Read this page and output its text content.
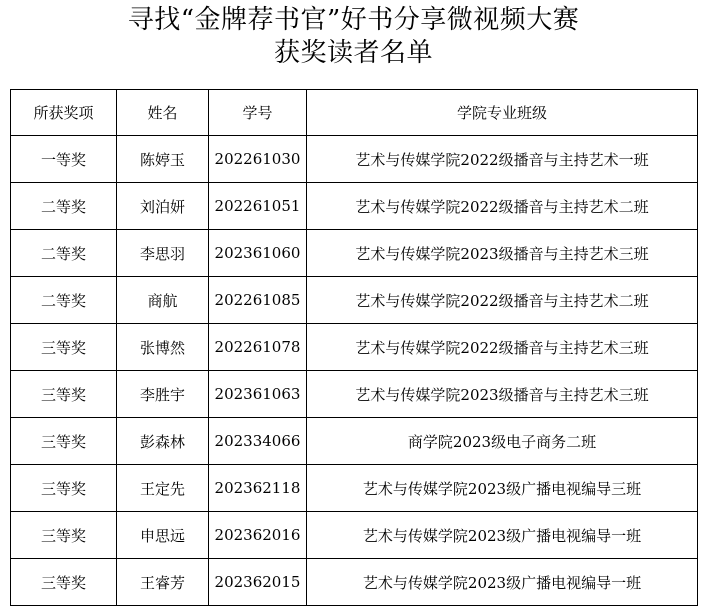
寻找“金牌荐书官”好书分享微视频大赛
获奖读者名单
所获奖项	姓名	学号	学院专业班级
一等奖	陈婷玉	202261030	艺术与传媒学院2022级播音与主持艺术一班
二等奖	刘泊妍	202261051	艺术与传媒学院2022级播音与主持艺术二班
二等奖	李思羽	202361060	艺术与传媒学院2023级播音与主持艺术三班
二等奖	商航	202261085	艺术与传媒学院2022级播音与主持艺术二班
三等奖	张博然	202261078	艺术与传媒学院2022级播音与主持艺术三班
三等奖	李胜宇	202361063	艺术与传媒学院2023级播音与主持艺术三班
三等奖	彭森林	202334066	商学院2023级电子商务二班
三等奖	王定先	202362118	艺术与传媒学院2023级广播电视编导三班
三等奖	申思远	202362016	艺术与传媒学院2023级广播电视编导一班
三等奖	王睿芳	202362015	艺术与传媒学院2023级广播电视编导一班
